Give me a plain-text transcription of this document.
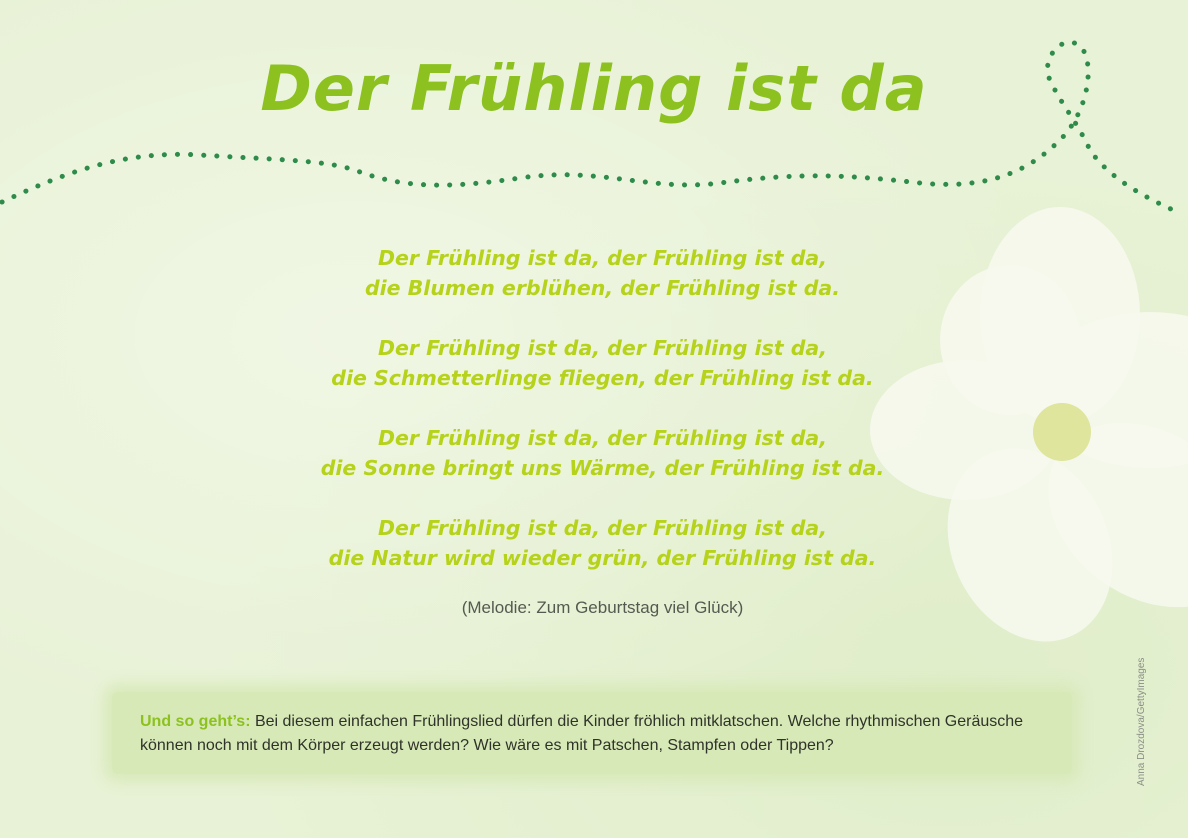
Der Frühling ist da

Der Frühling ist da, der Frühling ist da,

die Blumen erblühen, der Frühling ist da.

Der Frühling ist da, der Frühling ist da,

die Schmetterlinge fliegen, der Frühling ist da.

Der Frühling ist da, der Frühling ist da,

die Sonne bringt uns Wärme, der Frühling ist da.

Der Frühling ist da, der Frühling ist da,

die Natur wird wieder grün, der Frühling ist da.

(Melodie: Zum Geburtstag viel Glück)

Und so geht’s: Bei diesem einfachen Frühlingslied dürfen die Kinder fröhlich mitklatschen. Welche rhythmischen Geräusche können noch mit dem Körper erzeugt werden? Wie wäre es mit Patschen, Stampfen oder Tippen?	Anna Drozdova/GettyImages
